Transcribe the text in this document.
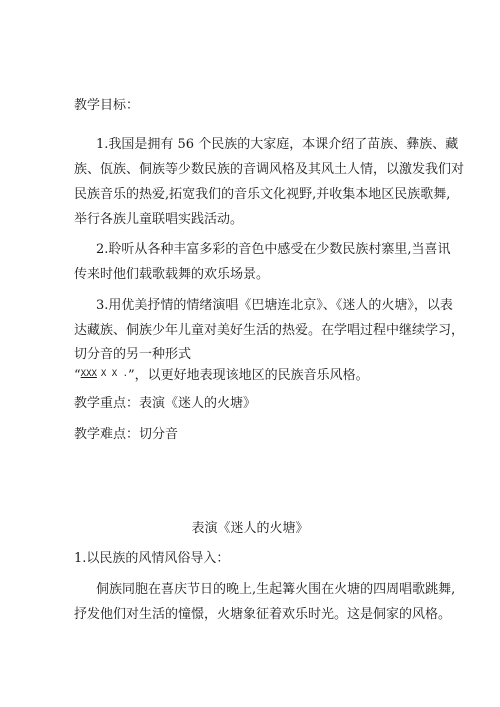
教学目标：
1.我国是拥有 56 个民族的大家庭，本课介绍了苗族、彝族、藏
族、佤族、侗族等少数民族的音调风格及其风土人情，以激发我们对
民族音乐的热爱,拓宽我们的音乐文化视野,并收集本地区民族歌舞,
举行各族儿童联唱实践活动。
2.聆听从各种丰富多彩的音色中感受在少数民族村寨里,当喜讯
传来时他们载歌载舞的欢乐场景。
3.用优美抒情的情绪演唱《巴塘连北京》、《迷人的火塘》，以表
达藏族、侗族少年儿童对美好生活的热爱。在学唱过程中继续学习，
切分音的另一种形式
“XXX X X .”，以更好地表现该地区的民族音乐风格。
教学重点：表演《迷人的火塘》
教学难点：切分音
表演《迷人的火塘》
1.以民族的风情风俗导入：
侗族同胞在喜庆节日的晚上,生起篝火围在火塘的四周唱歌跳舞,
抒发他们对生活的憧憬，火塘象征着欢乐时光。这是侗家的风格。
